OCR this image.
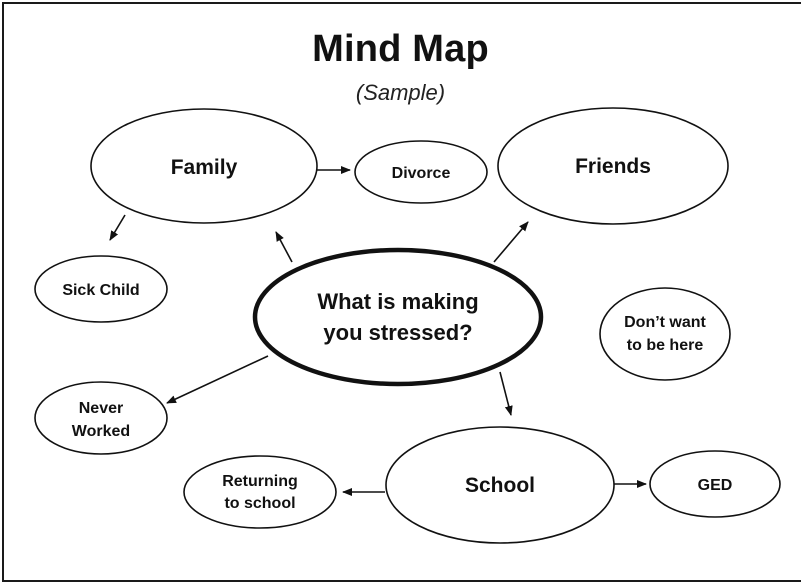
Mind Map
(Sample)
What is making
you stressed?
Family	Divorce	Friends
Sick Child
Don’t want
to be here
Never
Worked
School
Returning
to school
GED
